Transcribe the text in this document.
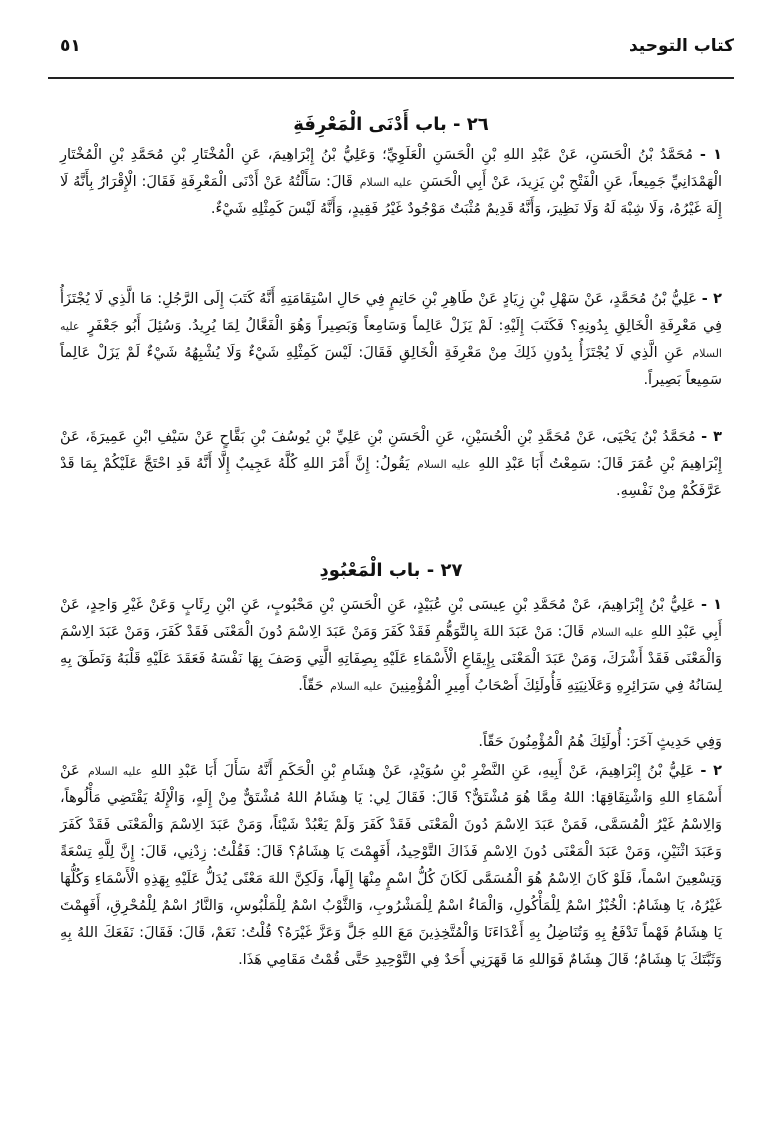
كتاب التوحيد
٥١
٢٦ - باب أَدْنَى الْمَعْرِفَةِ

١ - مُحَمَّدُ بْنُ الْحَسَنِ، عَنْ عَبْدِ اللهِ بْنِ الْحَسَنِ الْعَلَوِيِّ؛ وَعَلِيُّ بْنُ إِبْرَاهِيمَ، عَنِ الْمُخْتَارِ بْنِ مُحَمَّدِ بْنِ الْمُخْتَارِ الْهَمْدَانِيِّ جَمِيعاً، عَنِ الْفَتْحِ بْنِ يَزِيدَ، عَنْ أَبِي الْحَسَنِ عليه السلام قَالَ: سَأَلْتُهُ عَنْ أَدْنَى الْمَعْرِفَةِ فَقَالَ: الْإِقْرَارُ بِأَنَّهُ لَا إِلَهَ غَيْرُهُ، وَلَا شِبْهَ لَهُ وَلَا نَظِيرَ، وَأَنَّهُ قَدِيمٌ مُثْبَتٌ مَوْجُودٌ غَيْرُ فَقِيدٍ، وَأَنَّهُ لَيْسَ كَمِثْلِهِ شَيْءٌ.

٢ - عَلِيُّ بْنُ مُحَمَّدٍ، عَنْ سَهْلِ بْنِ زِيَادٍ عَنْ طَاهِرِ بْنِ حَاتِمٍ فِي حَالِ اسْتِقَامَتِهِ أَنَّهُ كَتَبَ إِلَى الرَّجُلِ: مَا الَّذِي لَا يُجْتَزَأُ فِي مَعْرِفَةِ الْخَالِقِ بِدُونِهِ؟ فَكَتَبَ إِلَيْهِ: لَمْ يَزَلْ عَالِماً وَسَامِعاً وَبَصِيراً وَهُوَ الْفَعَّالُ لِمَا يُرِيدُ. وَسُئِلَ أَبُو جَعْفَرٍ عليه السلام عَنِ الَّذِي لَا يُجْتَزَأُ بِدُونِ ذَلِكَ مِنْ مَعْرِفَةِ الْخَالِقِ فَقَالَ: لَيْسَ كَمِثْلِهِ شَيْءٌ وَلَا يُشْبِهُهُ شَيْءٌ لَمْ يَزَلْ عَالِماً سَمِيعاً بَصِيراً.

٣ - مُحَمَّدُ بْنُ يَحْيَى، عَنْ مُحَمَّدِ بْنِ الْحُسَيْنِ، عَنِ الْحَسَنِ بْنِ عَلِيِّ بْنِ يُوسُفَ بْنِ بَقَّاحٍ عَنْ سَيْفِ ابْنِ عَمِيرَةَ، عَنْ إِبْرَاهِيمَ بْنِ عُمَرَ قَالَ: سَمِعْتُ أَبَا عَبْدِ اللهِ عليه السلام يَقُولُ: إِنَّ أَمْرَ اللهِ كُلَّهُ عَجِيبٌ إِلَّا أَنَّهُ قَدِ احْتَجَّ عَلَيْكُمْ بِمَا قَدْ عَرَّفَكُمْ مِنْ نَفْسِهِ.

٢٧ - باب الْمَعْبُودِ

١ - عَلِيُّ بْنُ إِبْرَاهِيمَ، عَنْ مُحَمَّدِ بْنِ عِيسَى بْنِ عُبَيْدٍ، عَنِ الْحَسَنِ بْنِ مَحْبُوبٍ، عَنِ ابْنِ رِئَابٍ وَعَنْ غَيْرِ وَاحِدٍ، عَنْ أَبِي عَبْدِ اللهِ عليه السلام قَالَ: مَنْ عَبَدَ اللهَ بِالتَّوَهُّمِ فَقَدْ كَفَرَ وَمَنْ عَبَدَ الِاسْمَ دُونَ الْمَعْنَى فَقَدْ كَفَرَ، وَمَنْ عَبَدَ الِاسْمَ وَالْمَعْنَى فَقَدْ أَشْرَكَ، وَمَنْ عَبَدَ الْمَعْنَى بِإِيقَاعِ الْأَسْمَاءِ عَلَيْهِ بِصِفَاتِهِ الَّتِي وَصَفَ بِهَا نَفْسَهُ فَعَقَدَ عَلَيْهِ قَلْبَهُ وَنَطَقَ بِهِ لِسَانُهُ فِي سَرَائِرِهِ وَعَلَانِيَتِهِ فَأُولَئِكَ أَصْحَابُ أَمِيرِ الْمُؤْمِنِينَ عليه السلام حَقّاً.

وَفِي حَدِيثٍ آخَرَ: أُولَئِكَ هُمُ الْمُؤْمِنُونَ حَقّاً.

٢ - عَلِيُّ بْنُ إِبْرَاهِيمَ، عَنْ أَبِيهِ، عَنِ النَّضْرِ بْنِ سُوَيْدٍ، عَنْ هِشَامِ بْنِ الْحَكَمِ أَنَّهُ سَأَلَ أَبَا عَبْدِ اللهِ عليه السلام عَنْ أَسْمَاءِ اللهِ وَاشْتِقَاقِهَا: اللهُ مِمَّا هُوَ مُشْتَقٌّ؟ قَالَ: فَقَالَ لِي: يَا هِشَامُ اللهُ مُشْتَقٌّ مِنْ إِلَهٍ، وَالْإِلَهُ يَقْتَضِي مَأْلُوهاً، وَالِاسْمُ غَيْرُ الْمُسَمَّى، فَمَنْ عَبَدَ الِاسْمَ دُونَ الْمَعْنَى فَقَدْ كَفَرَ وَلَمْ يَعْبُدْ شَيْئاً، وَمَنْ عَبَدَ الِاسْمَ وَالْمَعْنَى فَقَدْ كَفَرَ وَعَبَدَ اثْنَيْنِ، وَمَنْ عَبَدَ الْمَعْنَى دُونَ الِاسْمِ فَذَاكَ التَّوْحِيدُ، أَفَهِمْتَ يَا هِشَامُ؟ قَالَ: فَقُلْتُ: زِدْنِي، قَالَ: إِنَّ لِلَّهِ تِسْعَةً وَتِسْعِينَ اسْماً، فَلَوْ كَانَ الِاسْمُ هُوَ الْمُسَمَّى لَكَانَ كُلُّ اسْمٍ مِنْهَا إِلَهاً، وَلَكِنَّ اللهَ مَعْنًى يُدَلُّ عَلَيْهِ بِهَذِهِ الْأَسْمَاءِ وَكُلُّهَا غَيْرُهُ، يَا هِشَامُ: الْخُبْزُ اسْمٌ لِلْمَأْكُولِ، وَالْمَاءُ اسْمٌ لِلْمَشْرُوبِ، وَالثَّوْبُ اسْمٌ لِلْمَلْبُوسِ، وَالنَّارُ اسْمٌ لِلْمُحْرِقِ، أَفَهِمْتَ يَا هِشَامُ فَهْماً تَدْفَعُ بِهِ وَتُنَاضِلُ بِهِ أَعْدَاءَنَا وَالْمُتَّخِذِينَ مَعَ اللهِ جَلَّ وَعَزَّ غَيْرَهُ؟ قُلْتُ: نَعَمْ، قَالَ: فَقَالَ: نَفَعَكَ اللهُ بِهِ وَثَبَّتَكَ يَا هِشَامُ؛ قَالَ هِشَامٌ فَوَاللهِ مَا قَهَرَنِي أَحَدٌ فِي التَّوْحِيدِ حَتَّى قُمْتُ مَقَامِي هَذَا.
